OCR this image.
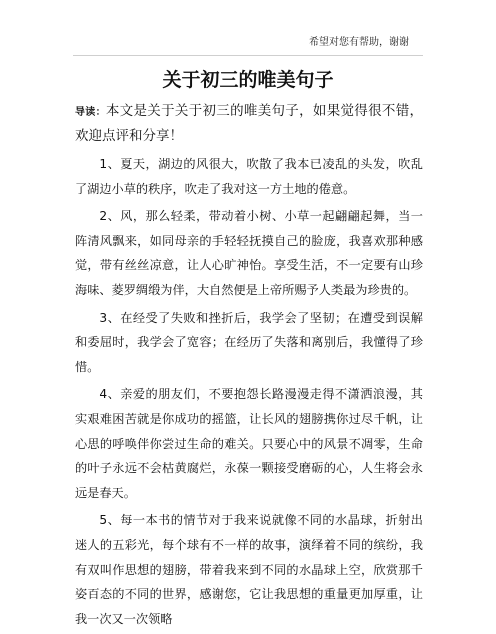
希望对您有帮助，谢谢
关于初三的唯美句子

导读：本文是关于关于初三的唯美句子，如果觉得很不错，欢迎点评和分享！

1、夏天，湖边的风很大，吹散了我本已凌乱的头发，吹乱了湖边小草的秩序，吹走了我对这一方土地的倦意。

2、风，那么轻柔，带动着小树、小草一起翩翩起舞，当一阵清风飘来，如同母亲的手轻轻抚摸自己的脸庞，我喜欢那种感觉，带有丝丝凉意，让人心旷神怡。享受生活，不一定要有山珍海味、菱罗绸缎为伴，大自然便是上帝所赐予人类最为珍贵的。

3、在经受了失败和挫折后，我学会了坚韧；在遭受到误解和委屈时，我学会了宽容；在经历了失落和离别后，我懂得了珍惜。

4、亲爱的朋友们，不要抱怨长路漫漫走得不潇洒浪漫，其实艰难困苦就是你成功的摇篮，让长风的翅膀携你过尽千帆，让心思的呼唤伴你尝过生命的难关。只要心中的风景不凋零，生命的叶子永远不会枯黄腐烂，永葆一颗接受磨砺的心，人生将会永远是春天。

5、每一本书的情节对于我来说就像不同的水晶球，折射出迷人的五彩光，每个球有不一样的故事，演绎着不同的缤纷，我有双叫作思想的翅膀，带着我来到不同的水晶球上空，欣赏那千姿百态的不同的世界，感谢您，它让我思想的重量更加厚重，让我一次又一次领略
